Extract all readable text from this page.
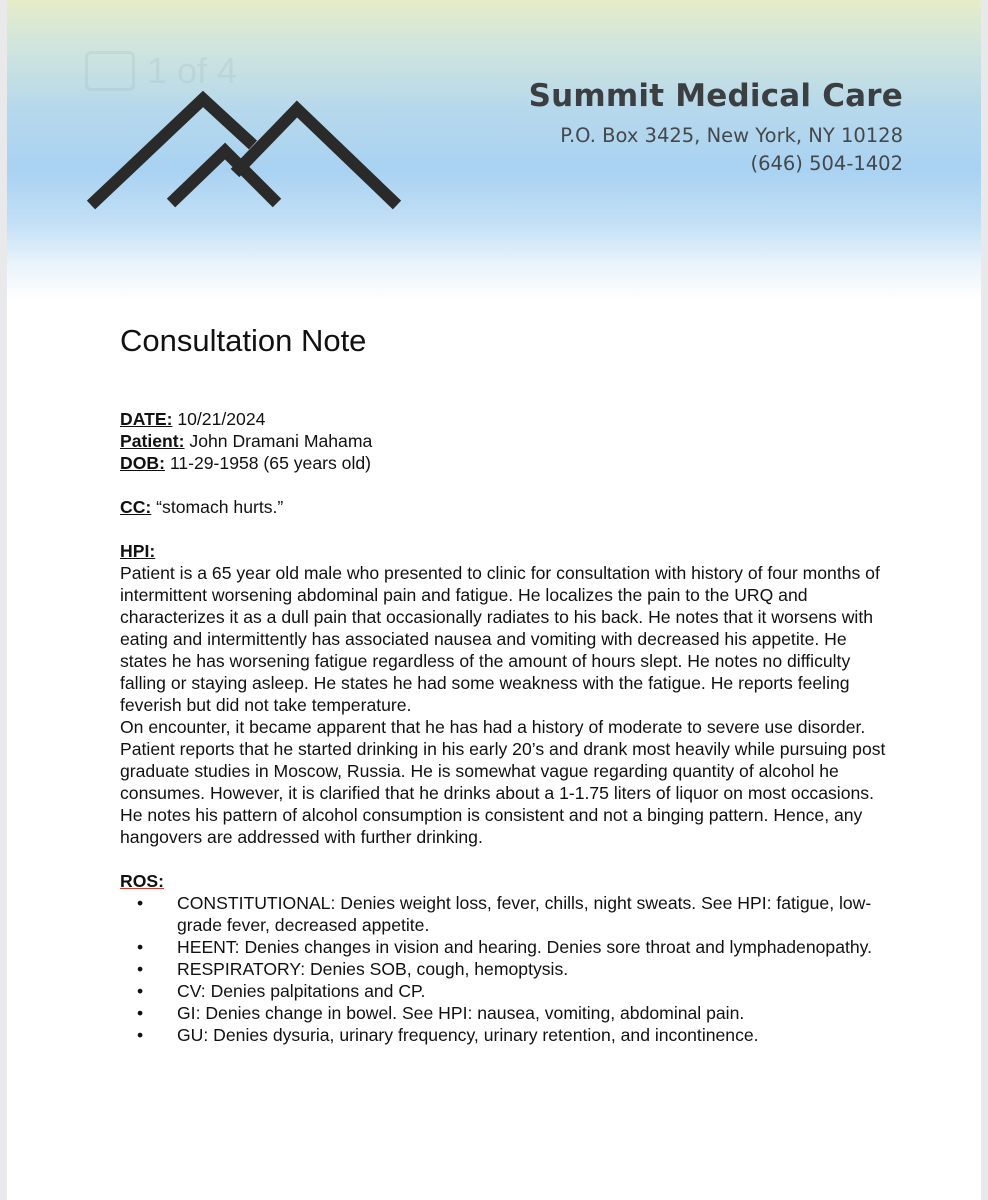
1 of 4
Summit Medical Care
P.O. Box 3425, New York, NY 10128
(646) 504-1402
Consultation Note
DATE: 10/21/2024
Patient: John Dramani Mahama
DOB: 11-29-1958 (65 years old)
CC: “stomach hurts.”
HPI:

Patient is a 65 year old male who presented to clinic for consultation with history of four months of intermittent worsening abdominal pain and fatigue. He localizes the pain to the URQ and characterizes it as a dull pain that occasionally radiates to his back. He notes that it worsens with eating and intermittently has associated nausea and vomiting with decreased his appetite. He states he has worsening fatigue regardless of the amount of hours slept. He notes no difficulty falling or staying asleep. He states he had some weakness with the fatigue. He reports feeling feverish but did not take temperature.

On encounter, it became apparent that he has had a history of moderate to severe use disorder. Patient reports that he started drinking in his early 20’s and drank most heavily while pursuing post graduate studies in Moscow, Russia. He is somewhat vague regarding quantity of alcohol he consumes. However, it is clarified that he drinks about a 1-1.75 liters of liquor on most occasions. He notes his pattern of alcohol consumption is consistent and not a binging pattern. Hence, any hangovers are addressed with further drinking.

ROS:
• CONSTITUTIONAL: Denies weight loss, fever, chills, night sweats. See HPI: fatigue, low-grade fever, decreased appetite.
• HEENT: Denies changes in vision and hearing. Denies sore throat and lymphadenopathy.
• RESPIRATORY: Denies SOB, cough, hemoptysis.
• CV: Denies palpitations and CP.
• GI: Denies change in bowel. See HPI: nausea, vomiting, abdominal pain.
• GU: Denies dysuria, urinary frequency, urinary retention, and incontinence.
